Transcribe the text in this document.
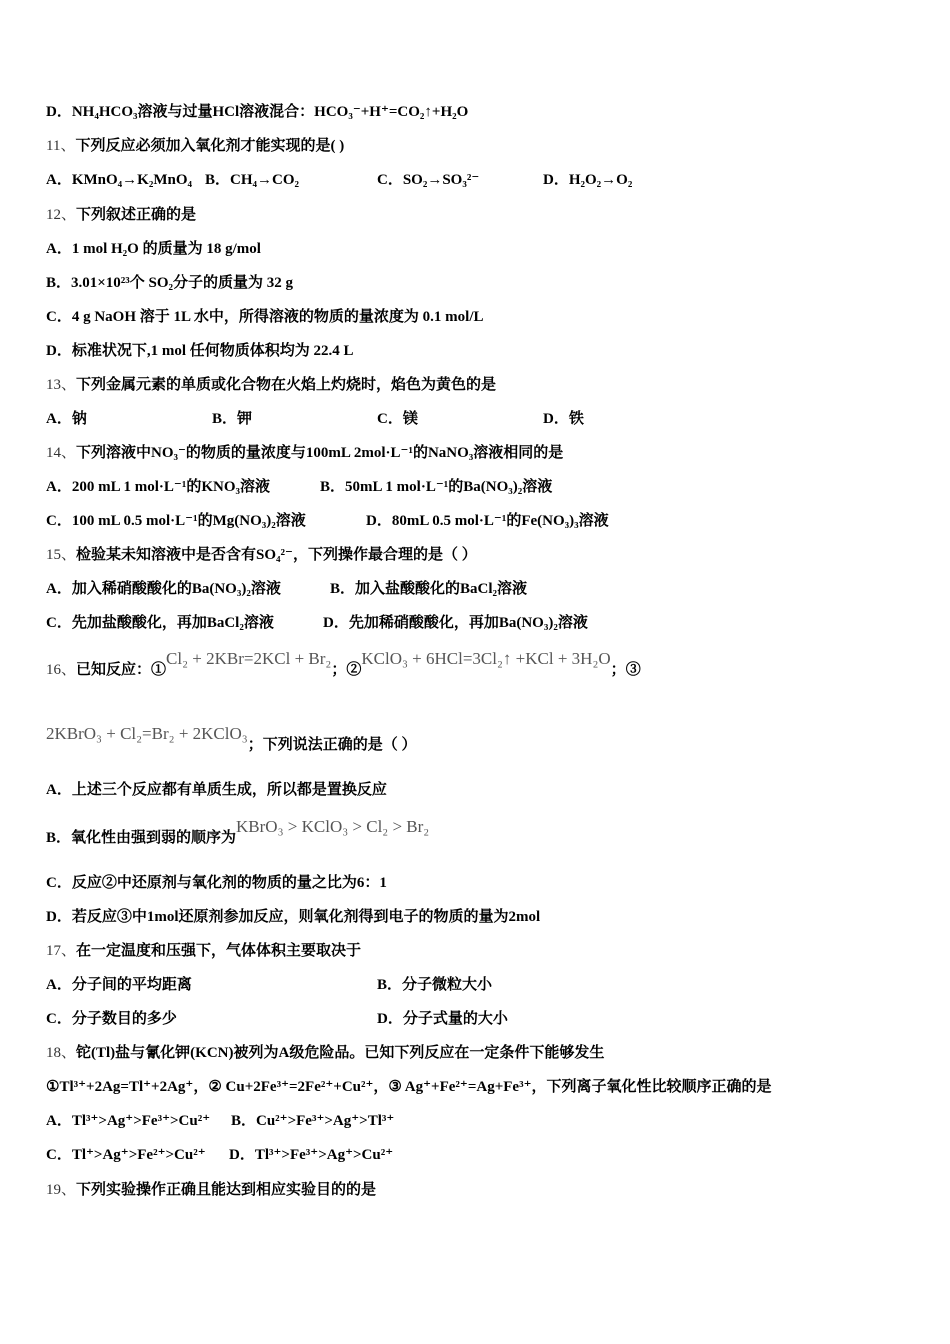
D．NH₄HCO₃溶液与过量HCl溶液混合：HCO₃⁻+H⁺=CO₂↑+H₂O
11、下列反应必须加入氧化剂才能实现的是( )
A．KMnO₄→K₂MnO₄ B．CH₄→CO₂	C．SO₂→SO₃²⁻	D．H₂O₂→O₂
12、下列叙述正确的是
A．1 mol H₂O 的质量为 18 g/mol
B．3.01×10²³个 SO₂分子的质量为 32 g
C．4 g NaOH 溶于 1L 水中，所得溶液的物质的量浓度为 0.1 mol/L
D．标准状况下,1 mol 任何物质体积均为 22.4 L
13、下列金属元素的单质或化合物在火焰上灼烧时，焰色为黄色的是
A．钠	B．钾	C．镁	D．铁
14、下列溶液中NO₃⁻的物质的量浓度与100mL 2mol·L⁻¹的NaNO₃溶液相同的是
A．200 mL 1 mol·L⁻¹的KNO₃溶液	B．50mL 1 mol·L⁻¹的Ba(NO₃)₂溶液
C．100 mL 0.5 mol·L⁻¹的Mg(NO₃)₂溶液	D．80mL 0.5 mol·L⁻¹的Fe(NO₃)₃溶液
15、检验某未知溶液中是否含有SO₄²⁻，下列操作最合理的是（ ）
A．加入稀硝酸酸化的Ba(NO₃)₂溶液	B．加入盐酸酸化的BaCl₂溶液
C．先加盐酸酸化，再加BaCl₂溶液	D．先加稀硝酸酸化，再加Ba(NO₃)₂溶液
16、已知反应：①Cl₂ + 2KBr=2KCl + Br₂；②KClO₃ + 6HCl=3Cl₂↑ +KCl + 3H₂O；③
2KBrO₃ + Cl₂=Br₂ + 2KClO₃；下列说法正确的是（ ）
A．上述三个反应都有单质生成，所以都是置换反应
B．氧化性由强到弱的顺序为KBrO₃ > KClO₃ > Cl₂ > Br₂
C．反应②中还原剂与氧化剂的物质的量之比为6：1
D．若反应③中1mol还原剂参加反应，则氧化剂得到电子的物质的量为2mol
17、在一定温度和压强下，气体体积主要取决于
A．分子间的平均距离	B．分子微粒大小
C．分子数目的多少	D．分子式量的大小
18、铊(Tl)盐与氰化钾(KCN)被列为A级危险品。已知下列反应在一定条件下能够发生
①Tl³⁺+2Ag=Tl⁺+2Ag⁺，② Cu+2Fe³⁺=2Fe²⁺+Cu²⁺，③ Ag⁺+Fe²⁺=Ag+Fe³⁺，下列离子氧化性比较顺序正确的是
A．Tl³⁺>Ag⁺>Fe³⁺>Cu²⁺ B．Cu²⁺>Fe³⁺>Ag⁺>Tl³⁺
C．Tl⁺>Ag⁺>Fe²⁺>Cu²⁺ D．Tl³⁺>Fe³⁺>Ag⁺>Cu²⁺
19、下列实验操作正确且能达到相应实验目的的是
